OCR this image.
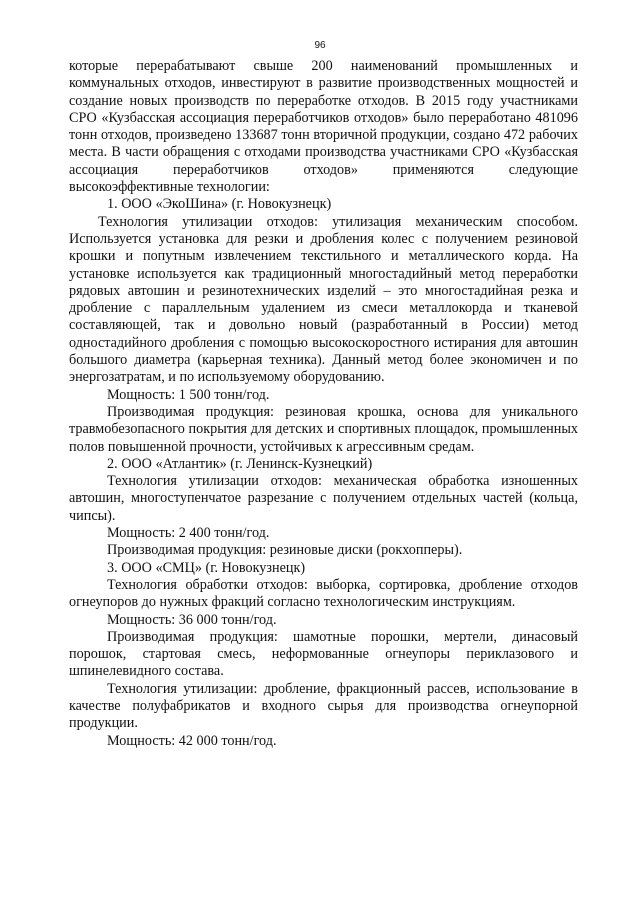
96

которые перерабатывают свыше 200 наименований промышленных и коммунальных отходов, инвестируют в развитие производственных мощностей и создание новых производств по переработке отходов. В 2015 году участниками СРО «Кузбасская ассоциация переработчиков отходов» было переработано 481096 тонн отходов, произведено 133687 тонн вторичной продукции, создано 472 рабочих места. В части обращения с отходами производства участниками СРО «Кузбасская ассоциация переработчиков отходов» применяются следующие высокоэффективные технологии:

1. ООО «ЭкоШина» (г. Новокузнецк)

Технология утилизации отходов: утилизация механическим способом. Используется установка для резки и дробления колес с получением резиновой крошки и попутным извлечением текстильного и металлического корда. На установке используется как традиционный многостадийный метод переработки рядовых автошин и резинотехнических изделий – это многостадийная резка и дробление с параллельным удалением из смеси металлокорда и тканевой составляющей, так и довольно новый (разработанный в России) метод одностадийного дробления с помощью высокоскоростного истирания для автошин большого диаметра (карьерная техника). Данный метод более экономичен и по энергозатратам, и по используемому оборудованию.

Мощность: 1 500 тонн/год.

Производимая продукция: резиновая крошка, основа для уникального травмобезопасного покрытия для детских и спортивных площадок, промышленных полов повышенной прочности, устойчивых к агрессивным средам.

2. ООО «Атлантик» (г. Ленинск-Кузнецкий)

Технология утилизации отходов: механическая обработка изношенных автошин, многоступенчатое разрезание с получением отдельных частей (кольца, чипсы).

Мощность: 2 400 тонн/год.

Производимая продукция: резиновые диски (рокхопперы).

3. ООО «СМЦ» (г. Новокузнецк)

Технология обработки отходов: выборка, сортировка, дробление отходов огнеупоров до нужных фракций согласно технологическим инструкциям.

Мощность: 36 000 тонн/год.

Производимая продукция: шамотные порошки, мертели, динасовый порошок, стартовая смесь, неформованные огнеупоры периклазового и шпинелевидного состава.

Технология утилизации: дробление, фракционный рассев, использование в качестве полуфабрикатов и входного сырья для производства огнеупорной продукции.

Мощность: 42 000 тонн/год.
